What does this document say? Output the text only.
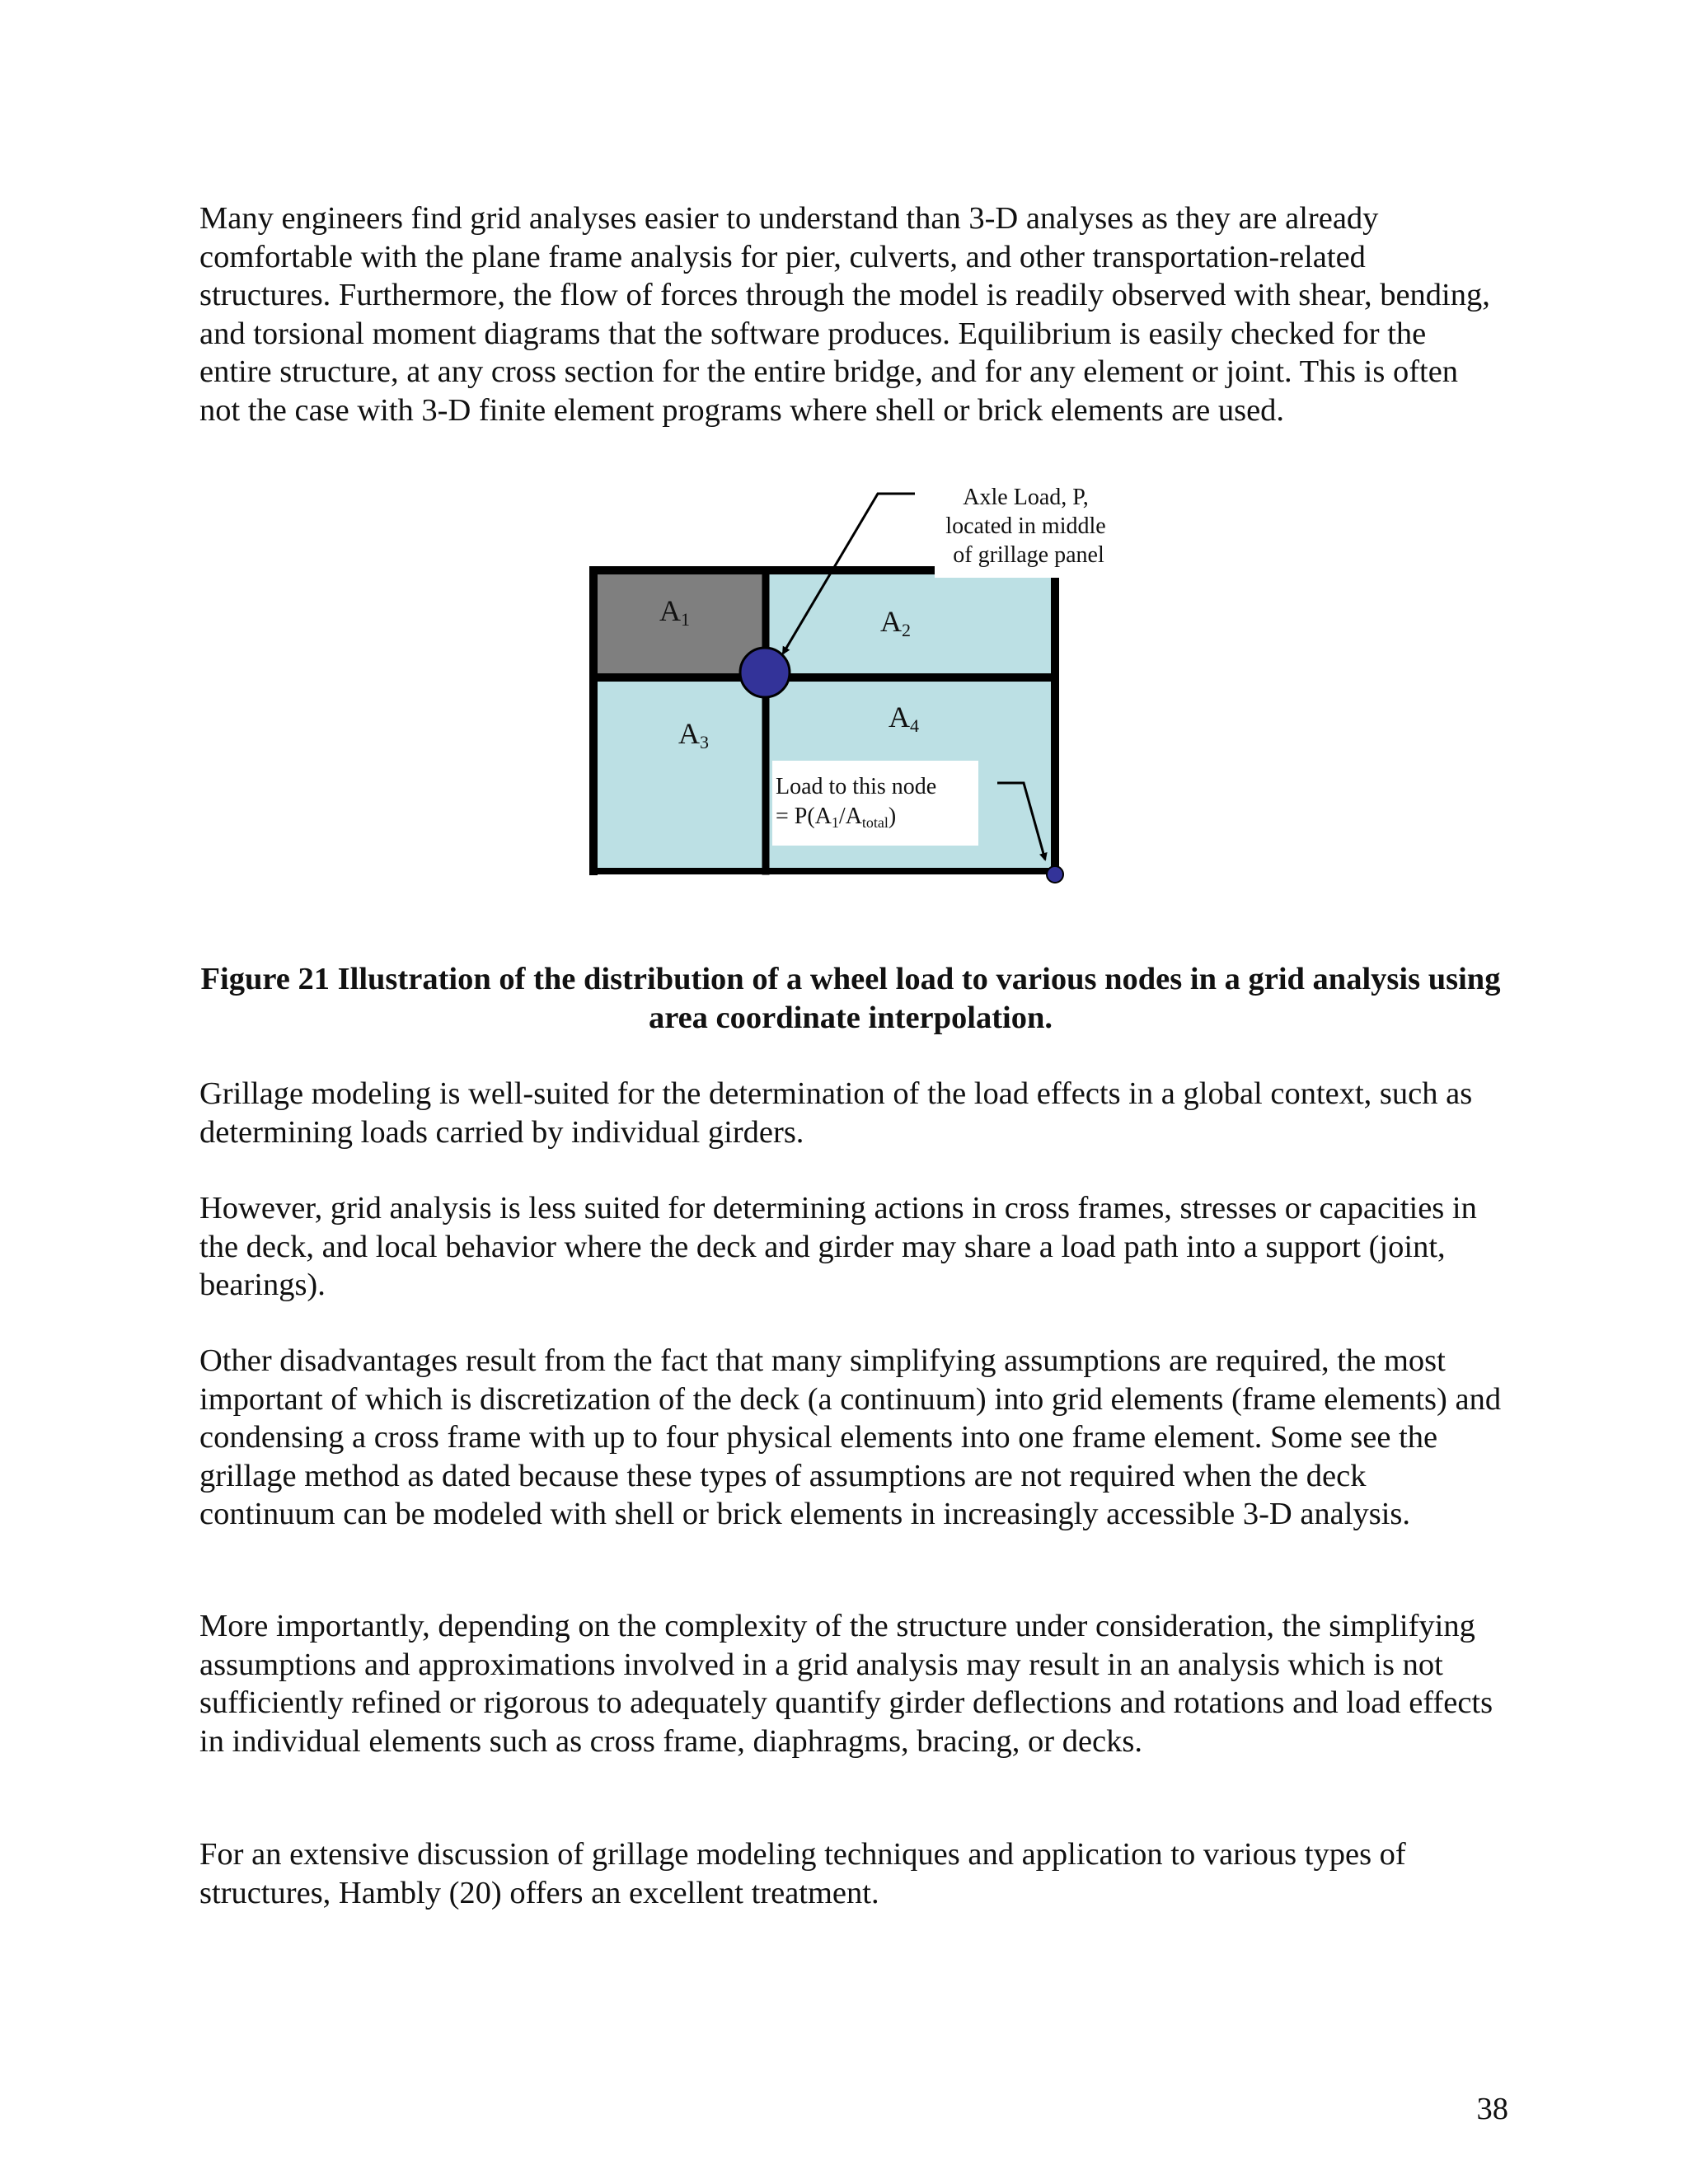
Many engineers find grid analyses easier to understand than 3-D analyses as they are already comfortable with the plane frame analysis for pier, culverts, and other transportation-related structures. Furthermore, the flow of forces through the model is readily observed with shear, bending, and torsional moment diagrams that the software produces. Equilibrium is easily checked for the entire structure, at any cross section for the entire bridge, and for any element or joint. This is often not the case with 3-D finite element programs where shell or brick elements are used.

Axle Load, P, located in middle of grillage panel
A1	A2
A3
A4
Load to this node
= P(A1/Atotal)

Figure 21 Illustration of the distribution of a wheel load to various nodes in a grid analysis using area coordinate interpolation.

Grillage modeling is well-suited for the determination of the load effects in a global context, such as determining loads carried by individual girders.

However, grid analysis is less suited for determining actions in cross frames, stresses or capacities in the deck, and local behavior where the deck and girder may share a load path into a support (joint, bearings).

Other disadvantages result from the fact that many simplifying assumptions are required, the most important of which is discretization of the deck (a continuum) into grid elements (frame elements) and condensing a cross frame with up to four physical elements into one frame element. Some see the grillage method as dated because these types of assumptions are not required when the deck continuum can be modeled with shell or brick elements in increasingly accessible 3-D analysis.

More importantly, depending on the complexity of the structure under consideration, the simplifying assumptions and approximations involved in a grid analysis may result in an analysis which is not sufficiently refined or rigorous to adequately quantify girder deflections and rotations and load effects in individual elements such as cross frame, diaphragms, bracing, or decks.

For an extensive discussion of grillage modeling techniques and application to various types of structures, Hambly (20) offers an excellent treatment.

38
